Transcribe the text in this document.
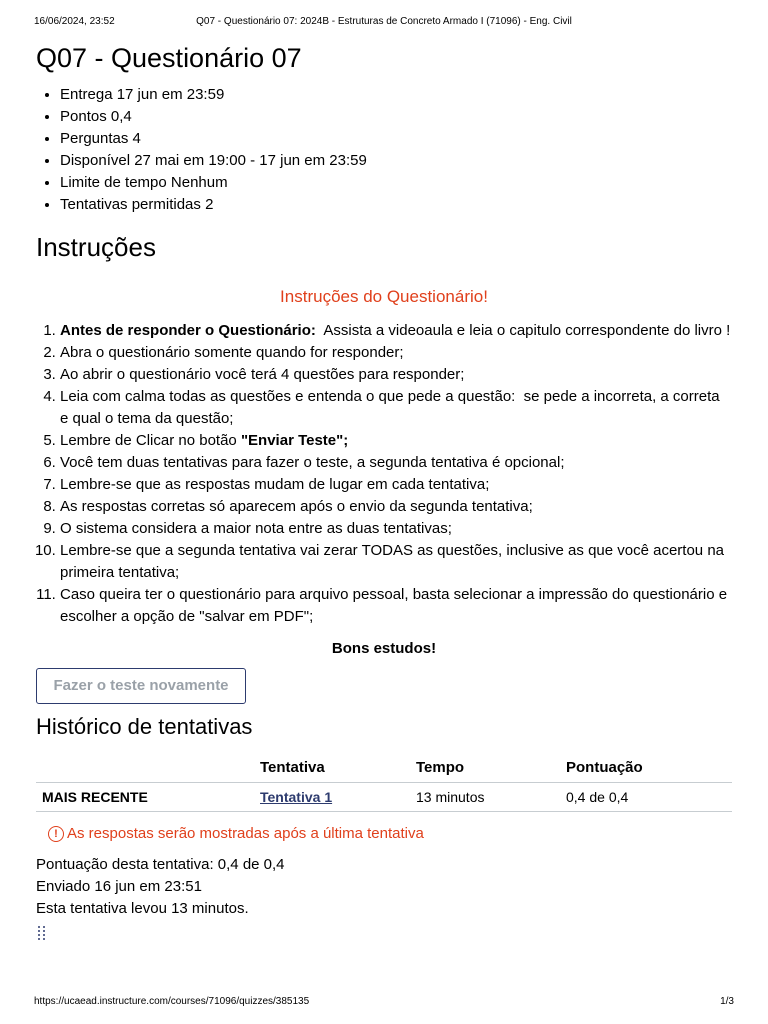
16/06/2024, 23:52	Q07 - Questionário 07: 2024B - Estruturas de Concreto Armado I (71096) - Eng. Civil
Q07 - Questionário 07
• Entrega 17 jun em 23:59
• Pontos 0,4
• Perguntas 4
• Disponível 27 mai em 19:00 - 17 jun em 23:59
• Limite de tempo Nenhum
• Tentativas permitidas 2
Instruções
Instruções do Questionário!
1. Antes de responder o Questionário:  Assista a videoaula e leia o capitulo correspondente do livro !
2. Abra o questionário somente quando for responder;
3. Ao abrir o questionário você terá 4 questões para responder;
4. Leia com calma todas as questões e entenda o que pede a questão:  se pede a incorreta, a correta e qual o tema da questão;
5. Lembre de Clicar no botão "Enviar Teste";
6. Você tem duas tentativas para fazer o teste, a segunda tentativa é opcional;
7. Lembre-se que as respostas mudam de lugar em cada tentativa;
8. As respostas corretas só aparecem após o envio da segunda tentativa;
9. O sistema considera a maior nota entre as duas tentativas;
10. Lembre-se que a segunda tentativa vai zerar TODAS as questões, inclusive as que você acertou na primeira tentativa;
11. Caso queira ter o questionário para arquivo pessoal, basta selecionar a impressão do questionário e escolher a opção de "salvar em PDF";
Bons estudos!
Fazer o teste novamente
Histórico de tentativas
	Tentativa	Tempo	Pontuação
MAIS RECENTE	Tentativa 1	13 minutos	0,4 de 0,4
! As respostas serão mostradas após a última tentativa
Pontuação desta tentativa: 0,4 de 0,4
Enviado 16 jun em 23:51
Esta tentativa levou 13 minutos.
https://ucaead.instructure.com/courses/71096/quizzes/385135	1/3
